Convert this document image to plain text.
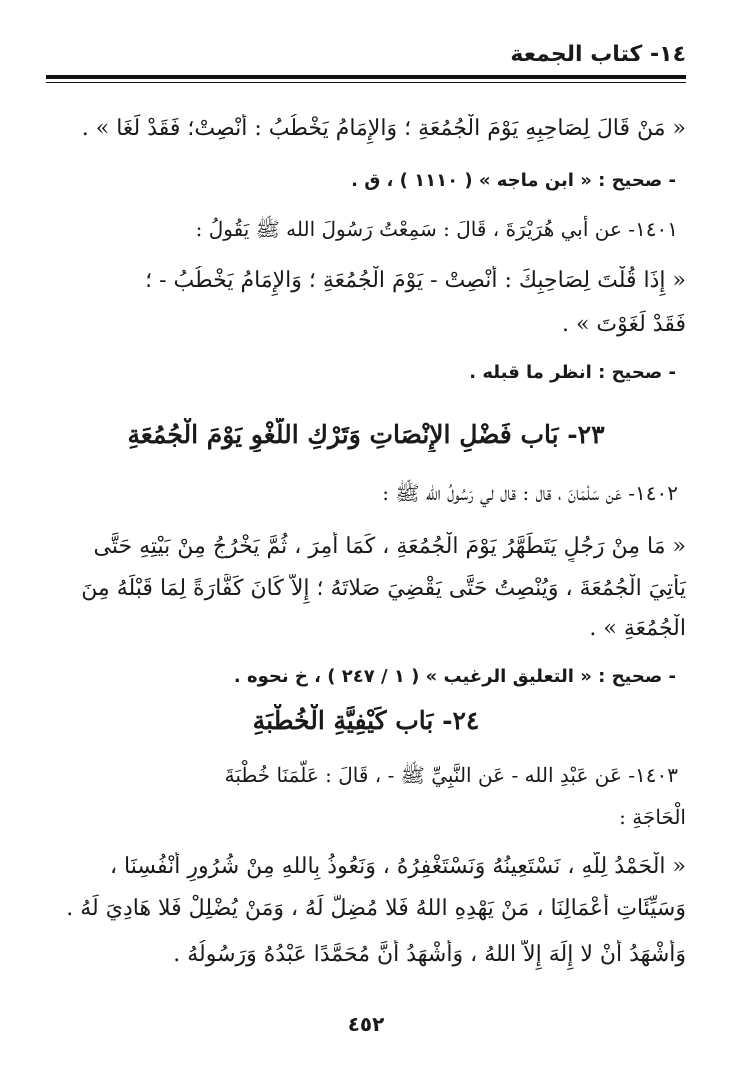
١٤- كتاب الجمعة
« مَنْ قَالَ لِصَاحِبِهِ يَوْمَ الْجُمُعَةِ ؛ وَالإِمَامُ يَخْطُبُ : أَنْصِتْ؛ فَقَدْ لَغَا » .
- صحيح : « ابن ماجه » ( ١١١٠ ) ، ق .
١٤٠١- عن أبي هُرَيْرَةَ ، قَالَ : سَمِعْتُ رَسُولَ الله ﷺ يَقُولُ :
« إِذَا قُلْتَ لِصَاحِبِكَ : أَنْصِتْ - يَوْمَ الْجُمُعَةِ ؛ وَالإِمَامُ يَخْطُبُ - ؛
فَقَدْ لَغَوْتَ » .
- صحيح : انظر ما قبله .
٢٣- بَاب فَضْلِ الإِنْصَاتِ وَتَرْكِ اللَّغْوِ يَوْمَ الْجُمُعَةِ
١٤٠٢- عَن سَلْمَانَ ، قال : قال لي رَسُولُ الله ﷺ :
« مَا مِنْ رَجُلٍ يَتَطَهَّرُ يَوْمَ الْجُمُعَةِ ، كَمَا أُمِرَ ، ثُمَّ يَخْرُجُ مِنْ بَيْتِهِ حَتَّى
يَأْتِيَ الْجُمُعَةَ ، وَيُنْصِتُ حَتَّى يَقْضِيَ صَلاتَهُ ؛ إِلاّ كَانَ كَفَّارَةً لِمَا قَبْلَهُ مِنَ
الْجُمُعَةِ » .
- صحيح : « التعليق الرغيب » ( ١ / ٢٤٧ ) ، خ نحوه .
٢٤- بَاب كَيْفِيَّةِ الْخُطْبَةِ
١٤٠٣- عَن عَبْدِ الله - عَن النَّبِيِّ ﷺ - ، قَالَ : عَلَّمَنَا خُطْبَةَ
الْحَاجَةِ :
« الْحَمْدُ لِلَّهِ ، نَسْتَعِينُهُ وَنَسْتَغْفِرُهُ ، وَنَعُوذُ بِاللهِ مِنْ شُرُورِ أَنْفُسِنَا ،
وَسَيِّئَاتِ أَعْمَالِنَا ، مَنْ يَهْدِهِ اللهُ فَلا مُضِلَّ لَهُ ، وَمَنْ يُضْلِلْ فَلا هَادِيَ لَهُ .
وَأَشْهَدُ أَنْ لا إِلَهَ إِلاّ اللهُ ، وَأَشْهَدُ أَنَّ مُحَمَّدًا عَبْدُهُ وَرَسُولُهُ .
٤٥٢
